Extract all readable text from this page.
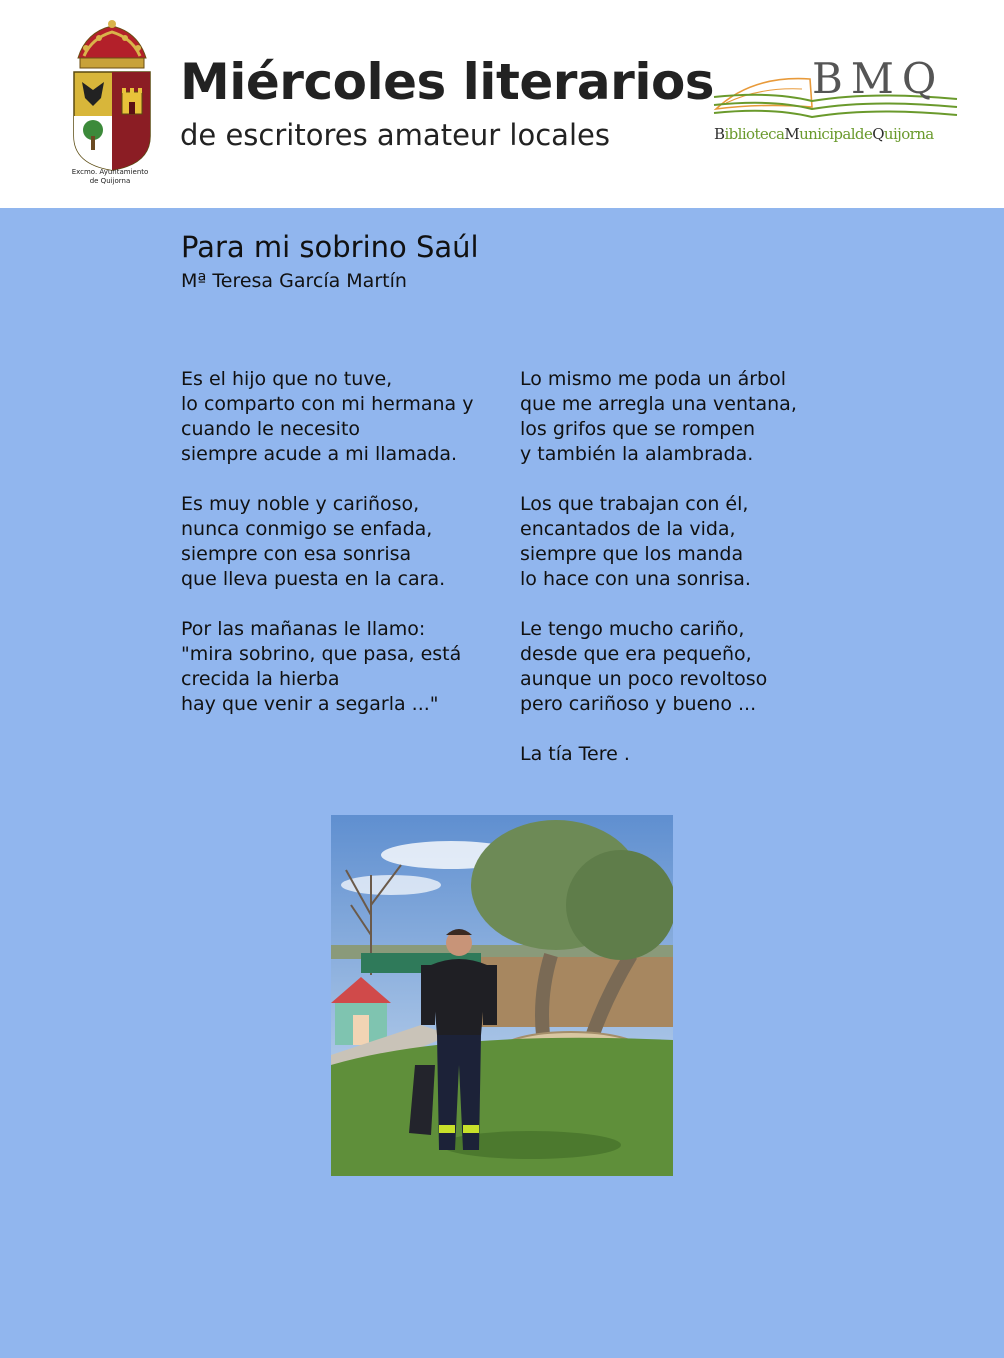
Excmo. Ayuntamiento
de Quijorna
Miércoles literarios
de escritores amateur locales
BMQ
BibliotecaMunicipaldeQuijorna
Para mi sobrino Saúl
Mª Teresa García Martín

Es el hijo que no tuve,
lo comparto con mi hermana y
cuando le necesito
siempre acude a mi llamada.

Es muy noble y cariñoso,
nunca conmigo se enfada,
siempre con esa sonrisa
que lleva puesta en la cara.

Por las mañanas le llamo:
"mira sobrino, que pasa, está
crecida la hierba
hay que venir a segarla ..."

Lo mismo me poda un árbol
que me arregla una ventana,
los grifos que se rompen
y también la alambrada.

Los que trabajan con él,
encantados de la vida,
siempre que los manda
lo hace con una sonrisa.

Le tengo mucho cariño,
desde que era pequeño,
aunque un poco revoltoso
pero cariñoso y bueno ...

La tía Tere .
